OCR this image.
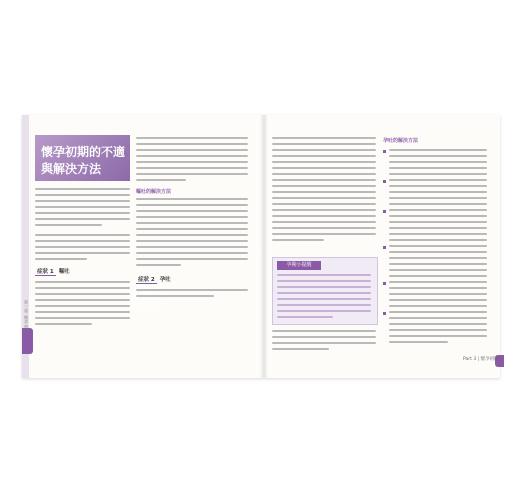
第三章 懷孕初期
懷孕初期的不適
與解決方法
症狀 1 嘔吐
嘔吐的解決方法
症狀 2 孕吐
孕期小提醒
孕吐的解決方法
Part 3 | 懷孕初期
